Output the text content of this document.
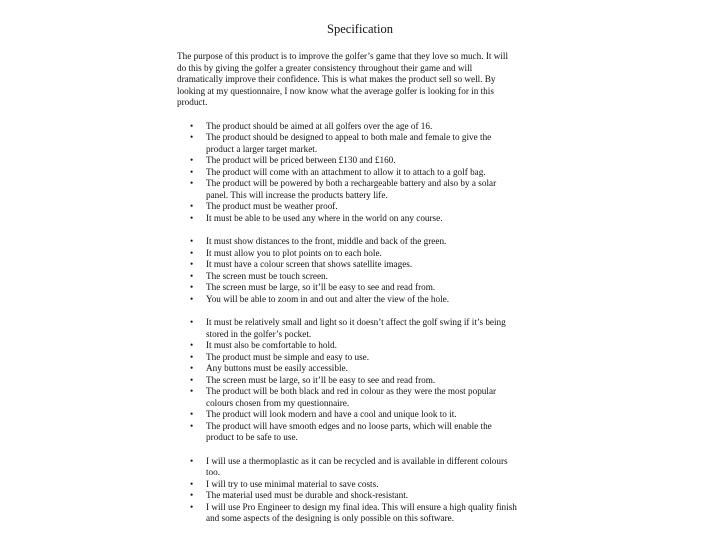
Specification

The purpose of this product is to improve the golfer’s game that they love so much. It will do this by giving the golfer a greater consistency throughout their game and will dramatically improve their confidence. This is what makes the product sell so well. By looking at my questionnaire, I now know what the average golfer is looking for in this product.

• The product should be aimed at all golfers over the age of 16.
• The product should be designed to appeal to both male and female to give the product a larger target market.
• The product will be priced between £130 and £160.
• The product will come with an attachment to allow it to attach to a golf bag.
• The product will be powered by both a rechargeable battery and also by a solar panel. This will increase the products battery life.
• The product must be weather proof.
• It must be able to be used any where in the world on any course.
• It must show distances to the front, middle and back of the green.
• It must allow you to plot points on to each hole.
• It must have a colour screen that shows satellite images.
• The screen must be touch screen.
• The screen must be large, so it’ll be easy to see and read from.
• You will be able to zoom in and out and alter the view of the hole.
• It must be relatively small and light so it doesn’t affect the golf swing if it’s being stored in the golfer’s pocket.
• It must also be comfortable to hold.
• The product must be simple and easy to use.
• Any buttons must be easily accessible.
• The screen must be large, so it’ll be easy to see and read from.
• The product will be both black and red in colour as they were the most popular colours chosen from my questionnaire.
• The product will look modern and have a cool and unique look to it.
• The product will have smooth edges and no loose parts, which will enable the product to be safe to use.
• I will use a thermoplastic as it can be recycled and is available in different colours too.
• I will try to use minimal material to save costs.
• The material used must be durable and shock-resistant.
• I will use Pro Engineer to design my final idea. This will ensure a high quality finish and some aspects of the designing is only possible on this software.
